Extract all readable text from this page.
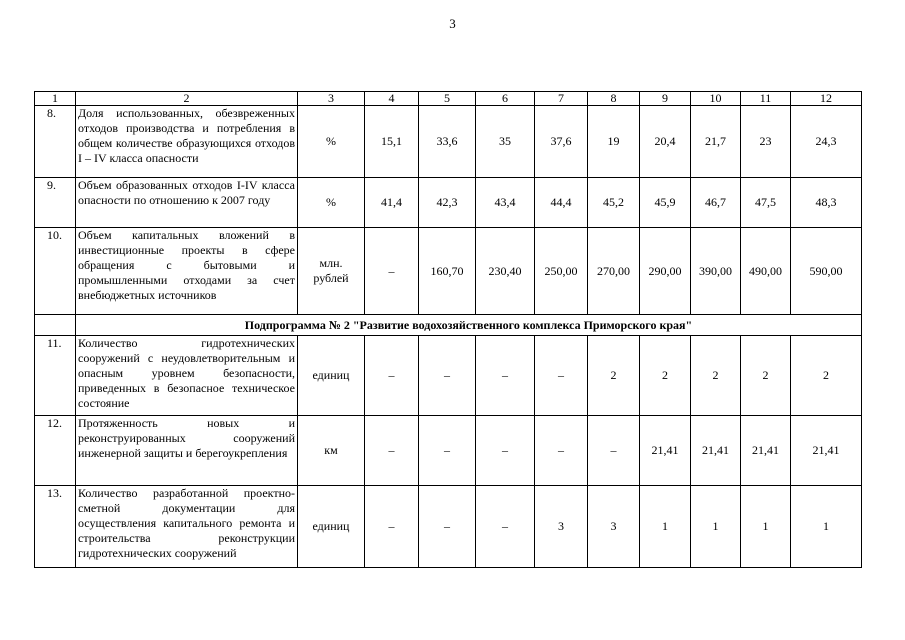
3
1	2	3	4	5	6	7	8	9	10	11	12
8.	Доля использованных, обезвреженных отходов производства и потребления в общем количестве образующихся отходов I – IV класса опасности	%	15,1	33,6	35	37,6	19	20,4	21,7	23	24,3
9.	Объем образованных отходов I-IV класса опасности по отношению к 2007 году	%	41,4	42,3	43,4	44,4	45,2	45,9	46,7	47,5	48,3
10.	Объем капитальных вложений в инвестиционные проекты в сфере обращения с бытовыми и промышленными отходами за счет внебюджетных источников	млн. рублей	–	160,70	230,40	250,00	270,00	290,00	390,00	490,00	590,00
	Подпрограмма № 2 "Развитие водохозяйственного комплекса Приморского края"										
11.	Количество гидротехнических сооружений с неудовлетворительным и опасным уровнем безопасности, приведенных в безопасное техническое состояние	единиц	–	–	–	–	2	2	2	2	2
12.	Протяженность новых и реконструированных сооружений инженерной защиты и берегоукрепления	км	–	–	–	–	–	21,41	21,41	21,41	21,41
13.	Количество разработанной проектно-сметной документации для осуществления капитального ремонта и строительства реконструкции гидротехнических сооружений	единиц	–	–	–	3	3	1	1	1	1
